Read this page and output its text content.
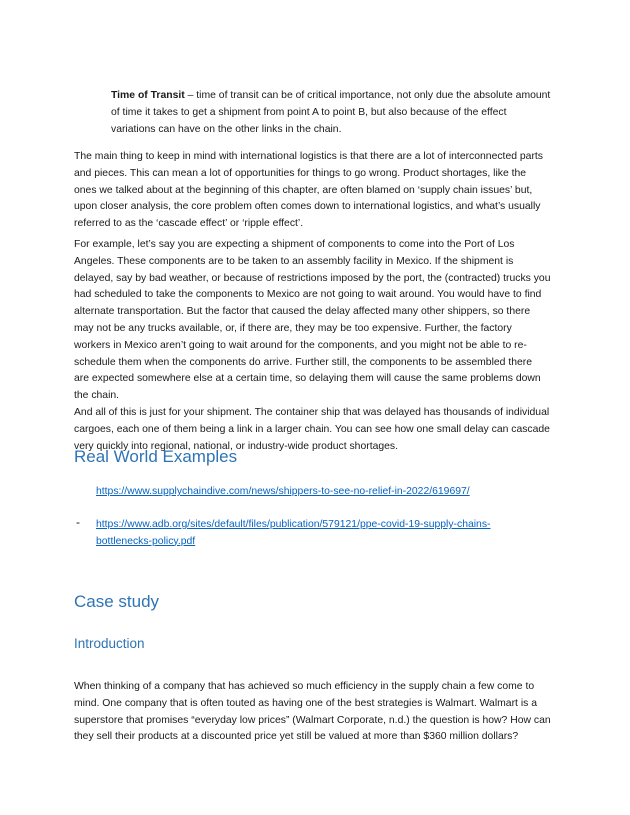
Time of Transit – time of transit can be of critical importance, not only due the absolute amount
of time it takes to get a shipment from point A to point B, but also because of the effect
variations can have on the other links in the chain.

The main thing to keep in mind with international logistics is that there are a lot of interconnected parts
and pieces. This can mean a lot of opportunities for things to go wrong. Product shortages, like the
ones we talked about at the beginning of this chapter, are often blamed on ‘supply chain issues’ but,
upon closer analysis, the core problem often comes down to international logistics, and what’s usually
referred to as the ‘cascade effect’ or ‘ripple effect’.

For example, let’s say you are expecting a shipment of components to come into the Port of Los
Angeles. These components are to be taken to an assembly facility in Mexico. If the shipment is
delayed, say by bad weather, or because of restrictions imposed by the port, the (contracted) trucks you
had scheduled to take the components to Mexico are not going to wait around. You would have to find
alternate transportation. But the factor that caused the delay affected many other shippers, so there
may not be any trucks available, or, if there are, they may be too expensive. Further, the factory
workers in Mexico aren’t going to wait around for the components, and you might not be able to re-
schedule them when the components do arrive. Further still, the components to be assembled there
are expected somewhere else at a certain time, so delaying them will cause the same problems down
the chain.
And all of this is just for your shipment. The container ship that was delayed has thousands of individual
cargoes, each one of them being a link in a larger chain. You can see how one small delay can cascade
very quickly into regional, national, or industry-wide product shortages.

Real World Examples
https://www.supplychaindive.com/news/shippers-to-see-no-relief-in-2022/619697/
- https://www.adb.org/sites/default/files/publication/579121/ppe-covid-19-supply-chains-
bottlenecks-policy.pdf
Case study
Introduction

When thinking of a company that has achieved so much efficiency in the supply chain a few come to
mind. One company that is often touted as having one of the best strategies is Walmart. Walmart is a
superstore that promises “everyday low prices” (Walmart Corporate, n.d.) the question is how? How can
they sell their products at a discounted price yet still be valued at more than $360 million dollars?
